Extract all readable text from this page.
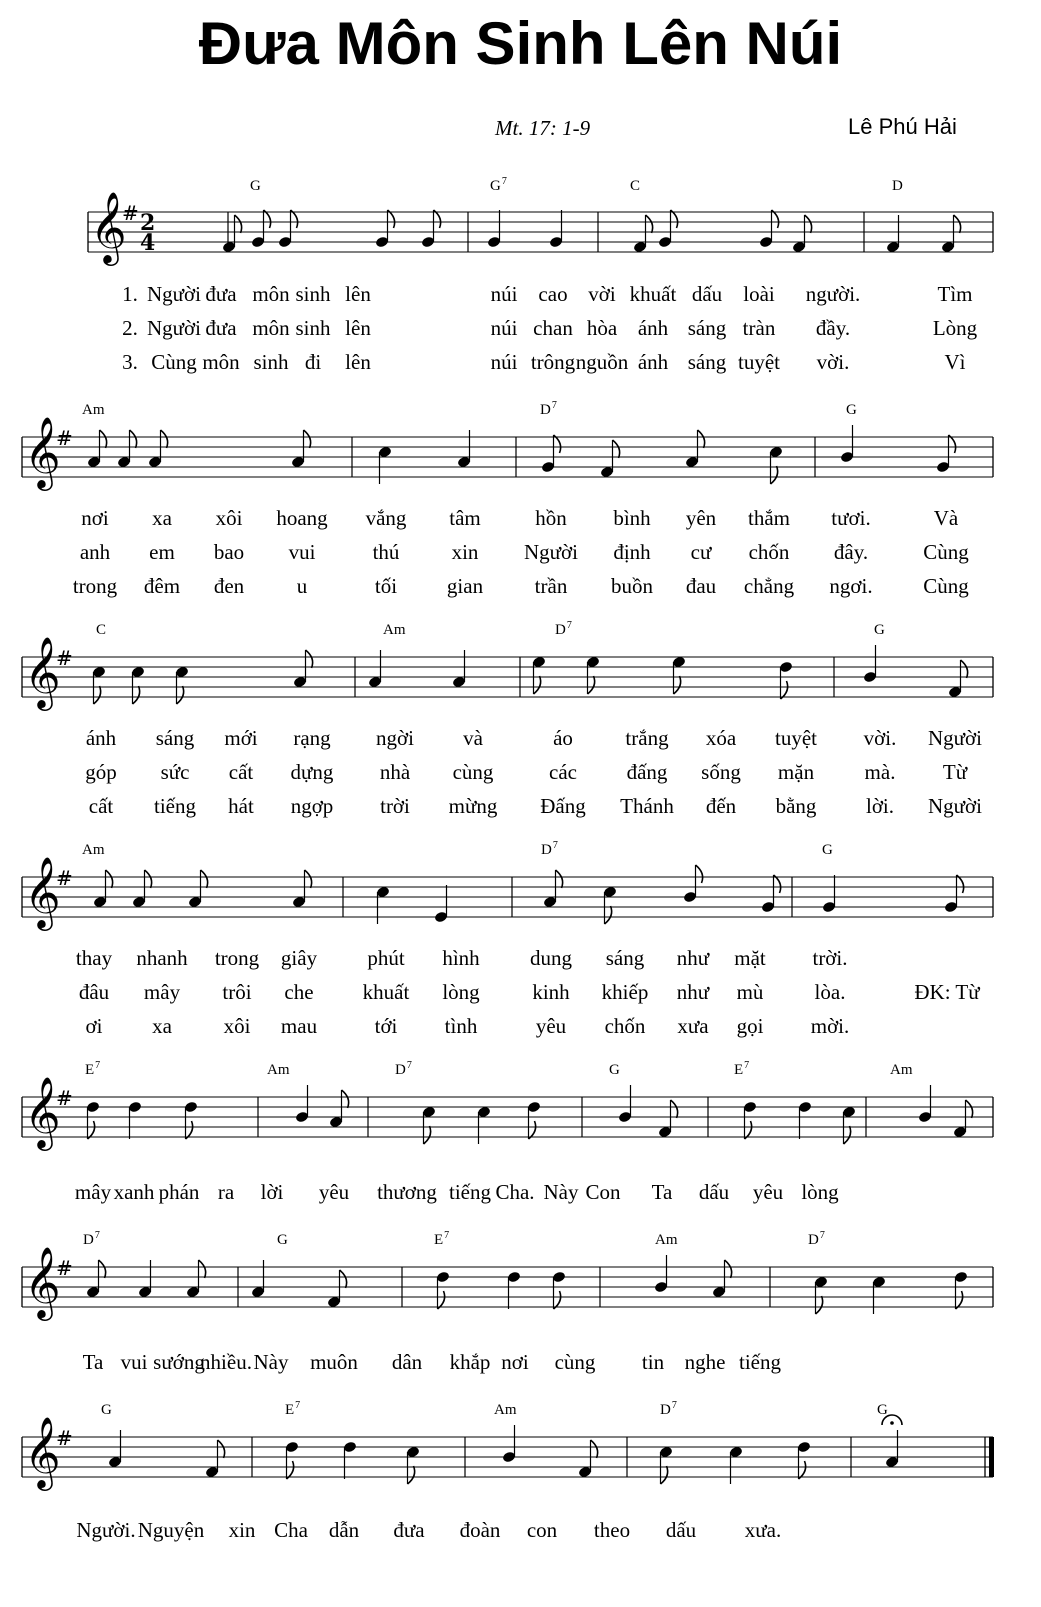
Đưa Môn Sinh Lên Núi
Mt. 17: 1-9	Lê Phú Hải
𝄞
# 2
4
𝄞
#
𝄞
#
𝄞
#
𝄞
#
𝄞
#
𝄞
#
G	$G^7$	C	D
1. Người đưa môn sinh lên	núi cao vời khuất dấu loài người.	Tìm
2. Người đưa môn sinh lên	núi chan hòa ánh sáng tràn đầy.	Lòng
3. Cùng môn sinh đi lên	núi trông nguồn ánh sáng tuyệt vời.	Vì
Am	$D^7$	G
nơi xa xôi hoang vắng tâm	hồn bình yên thắm tươi.	Và
anh em bao vui	thú xin Người định cư chốn đây.	Cùng
trong đêm đen	u	tối gian trần buồn đau chẳng ngơi. Cùng
C	Am	$D^7$	G
ánh sáng mới rạng ngời và	áo	trắng xóa tuyệt vời. Người
góp sức cất dựng nhà cùng	các đấng sống mặn mà. Từ
cất tiếng hát ngợp trời mừng Đấng Thánh đến bằng lời. Người
Am	$D^7$	G
thay nhanh trong giây phút hình dung sáng như mặt trời.
đâu mây trôi che khuất lòng	kinh khiếp như mù lòa.	ĐK: Từ
ơi xa xôi mau	tới tình	yêu chốn xưa gọi mời.
$E^7$	Am	$D^7$	G	$E^7$	Am
mây xanh phán ra lời yêu thương tiếng Cha. Này Con Ta dấu yêu lòng
$D^7$	G	$E^7$	Am	$D^7$
Ta vui sướng
nhiều. Này muôn dân khắp nơi cùng tin nghe tiếng
G	$E^7$	Am	$D^7$	G
Người. Nguyện xin Cha dẫn đưa đoàn con theo dấu xưa.
